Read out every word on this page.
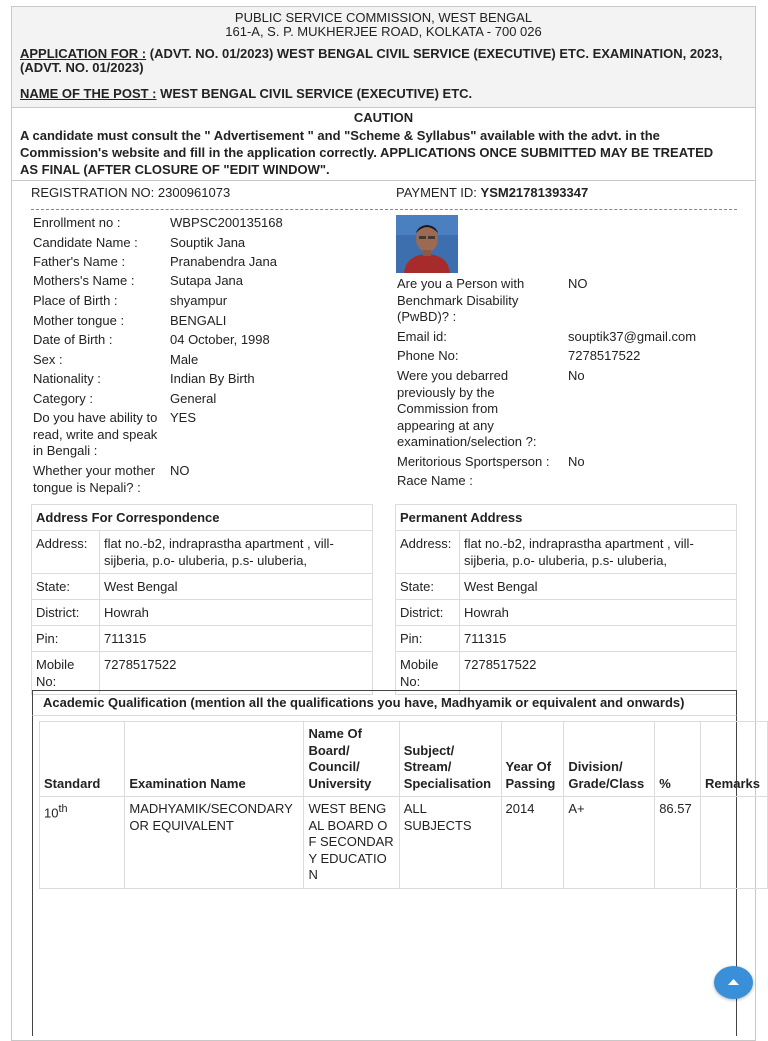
PUBLIC SERVICE COMMISSION, WEST BENGAL
161-A, S. P. MUKHERJEE ROAD, KOLKATA - 700 026
APPLICATION FOR : (ADVT. NO. 01/2023) WEST BENGAL CIVIL SERVICE (EXECUTIVE) ETC. EXAMINATION, 2023, (ADVT. NO. 01/2023)
NAME OF THE POST : WEST BENGAL CIVIL SERVICE (EXECUTIVE) ETC.
CAUTION
A candidate must consult the " Advertisement " and "Scheme & Syllabus" available with the advt. in the Commission's website and fill in the application correctly. APPLICATIONS ONCE SUBMITTED MAY BE TREATED AS FINAL (AFTER CLOSURE OF "EDIT WINDOW".
REGISTRATION NO: 2300961073	PAYMENT ID: YSM21781393347
Enrollment no :	WBPSC200135168
Candidate Name : Souptik Jana
Father's Name :	Pranabendra Jana
Mothers's Name :	Sutapa Jana
Place of Birth :	shyampur
Mother tongue :	BENGALI
Date of Birth :	04 October, 1998
Sex :	Male
Nationality :	Indian By Birth
Category :	General
Do you have ability to read, write and speak in Bengali :
YES
Whether your mother tongue is Nepali? :
NO
Are you a Person with Benchmark Disability (PwBD)? :
NO
Email id:	souptik37@gmail.com
Phone No:	7278517522
Were you debarred previously by the Commission from appearing at any examination/selection ?:
No
Meritorious Sportsperson : No
Race Name :
Address For Correspondence	
Address:	flat no.-b2, indraprastha apartment , vill-sijberia, p.o- uluberia, p.s- uluberia,
State:	West Bengal
District:	Howrah
Pin:	711315
Mobile No:	7278517522
Permanent Address	
Address:	flat no.-b2, indraprastha apartment , vill-sijberia, p.o- uluberia, p.s- uluberia,
State:	West Bengal
District:	Howrah
Pin:	711315
Mobile No:	7278517522
Academic Qualification (mention all the qualifications you have, Madhyamik or equivalent and onwards)
Standard	Examination Name	Name Of Board/ Council/ University	Subject/ Stream/ Specialisation	Year Of Passing	Division/ Grade/Class	%	Remarks
10th	MADHYAMIK/SECONDARY OR EQUIVALENT	WEST BENGAL BOARD OF SECONDARY EDUCATION	ALL SUBJECTS	2014	A+	86.57	
